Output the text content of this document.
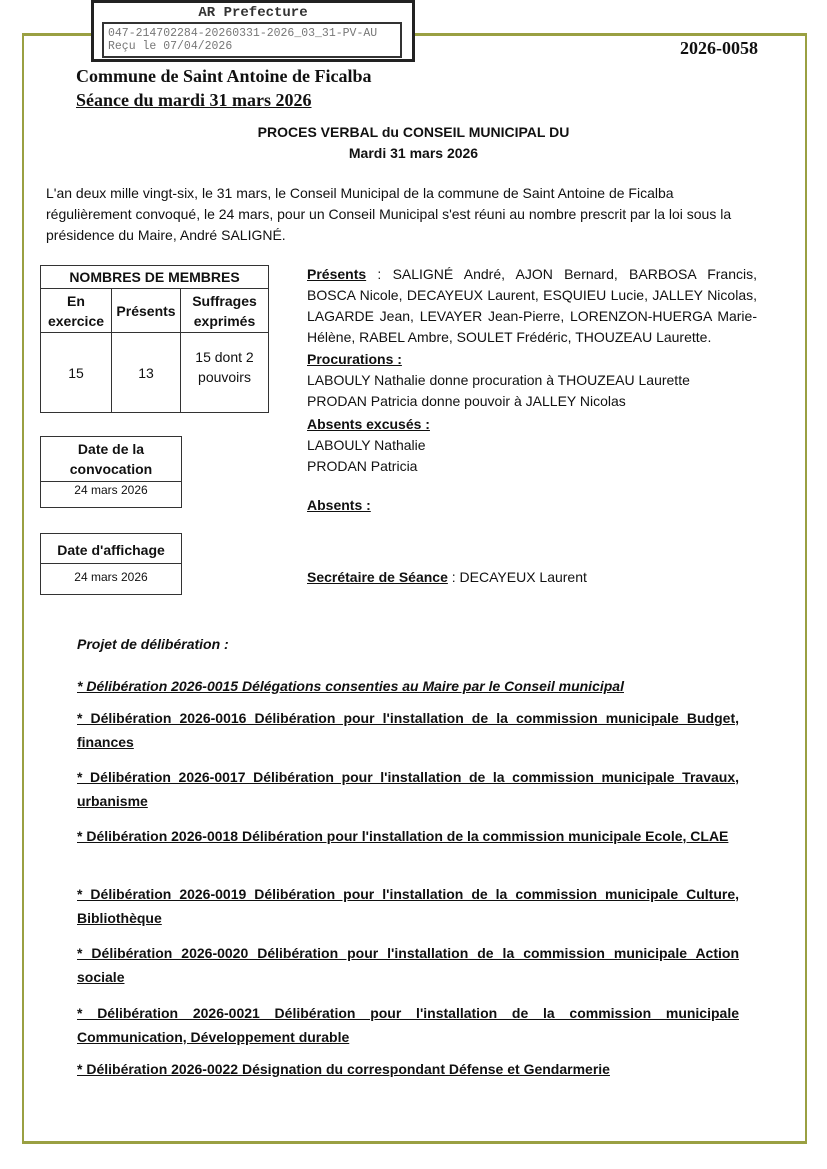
Commune de Saint Antoine de Ficalba
Séance du mardi 31 mars 2026
2026-0058
AR Prefecture
047-214702284-20260331-2026_03_31-PV-AU
Reçu le 07/04/2026
PROCES VERBAL du CONSEIL MUNICIPAL DU
Mardi 31 mars 2026

L'an deux mille vingt-six, le 31 mars, le Conseil Municipal de la commune de Saint Antoine de Ficalba régulièrement convoqué, le 24 mars, pour un Conseil Municipal s'est réuni au nombre prescrit par la loi sous la présidence du Maire, André SALIGNÉ.

NOMBRES DE MEMBRES		
En exercice	Présents	Suffrages exprimés
15	13	15 dont 2 pouvoirs
Date de la convocation
24 mars 2026
Date d'affichage
24 mars 2026
Présents : SALIGNÉ André, AJON Bernard, BARBOSA Francis, BOSCA Nicole, DECAYEUX Laurent, ESQUIEU Lucie, JALLEY Nicolas, LAGARDE Jean, LEVAYER Jean-Pierre, LORENZON-HUERGA Marie-Hélène, RABEL Ambre, SOULET Frédéric, THOUZEAU Laurette.
Procurations :
LABOULY Nathalie donne procuration à THOUZEAU Laurette
PRODAN Patricia donne pouvoir à JALLEY Nicolas
Absents excusés :
LABOULY Nathalie
PRODAN Patricia
Absents :
Secrétaire de Séance : DECAYEUX Laurent
Projet de délibération :
* Délibération 2026-0015 Délégations consenties au Maire par le Conseil municipal
* Délibération 2026-0016 Délibération pour l'installation de la commission municipale Budget, finances
* Délibération 2026-0017 Délibération pour l'installation de la commission municipale Travaux, urbanisme
* Délibération 2026-0018 Délibération pour l'installation de la commission municipale Ecole, CLAE
* Délibération 2026-0019 Délibération pour l'installation de la commission municipale Culture, Bibliothèque
* Délibération 2026-0020 Délibération pour l'installation de la commission municipale Action sociale
* Délibération 2026-0021 Délibération pour l'installation de la commission municipale Communication, Développement durable
* Délibération 2026-0022 Désignation du correspondant Défense et Gendarmerie
